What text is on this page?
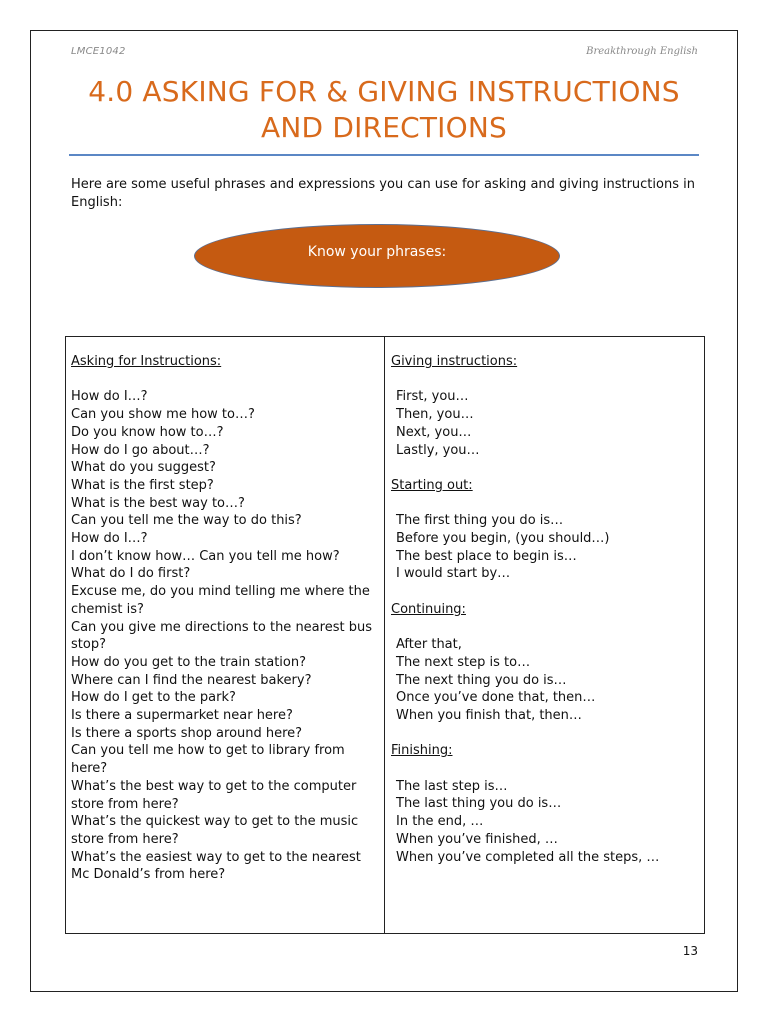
LMCE1042	Breakthrough English
4.0 ASKING FOR & GIVING INSTRUCTIONS
AND DIRECTIONS
Here are some useful phrases and expressions you can use for asking and giving instructions in English:
Know your phrases:
Asking for Instructions:
How do I…?
Can you show me how to…?
Do you know how to…?
How do I go about…?
What do you suggest?
What is the first step?
What is the best way to…?
Can you tell me the way to do this?
How do I…?
I don’t know how… Can you tell me how?
What do I do first?
Excuse me, do you mind telling me where the chemist is?
Can you give me directions to the nearest bus stop?
How do you get to the train station?
Where can I find the nearest bakery?
How do I get to the park?
Is there a supermarket near here?
Is there a sports shop around here?
Can you tell me how to get to library from here?
What’s the best way to get to the computer store from here?
What’s the quickest way to get to the music store from here?
What’s the easiest way to get to the nearest Mc Donald’s from here?
Giving instructions:
First, you…
Then, you…
Next, you…
Lastly, you…
Starting out:
The first thing you do is…
Before you begin, (you should…)
The best place to begin is…
I would start by…
Continuing:
After that,
The next step is to…
The next thing you do is…
Once you’ve done that, then…
When you finish that, then…
Finishing:
The last step is…
The last thing you do is…
In the end, …
When you’ve finished, …
When you’ve completed all the steps, …
13
